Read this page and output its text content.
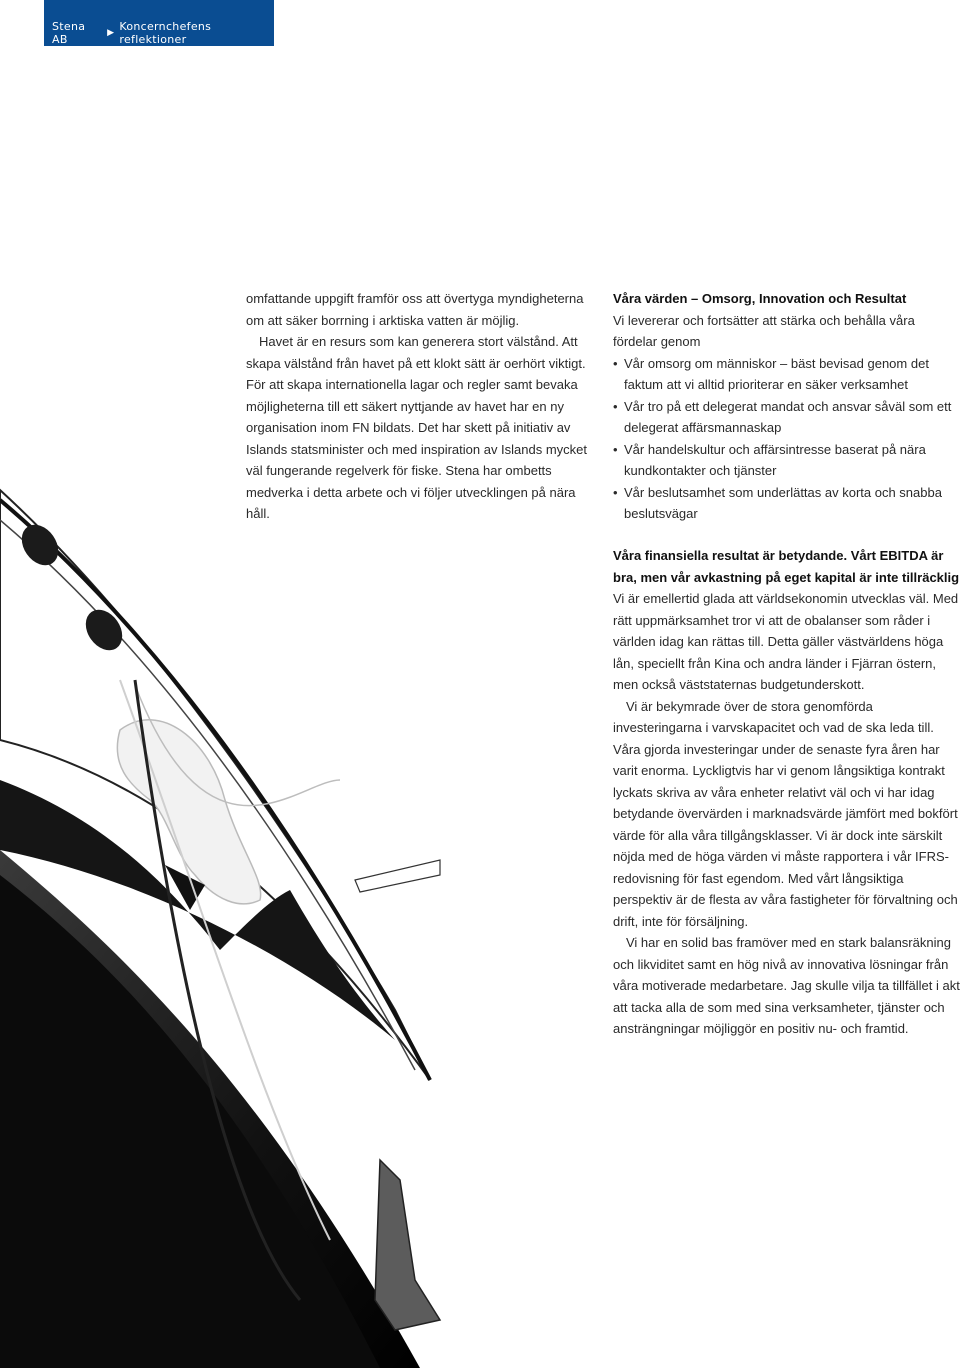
Stena AB	▶ Koncernchefens reflektioner

omfattande uppgift framför oss att övertyga myndigheterna om att säker borrning i arktiska vatten är möjlig.

Havet är en resurs som kan generera stort välstånd. Att skapa välstånd från havet på ett klokt sätt är oerhört viktigt. För att skapa internationella lagar och regler samt bevaka möjligheterna till ett säkert nyttjande av havet har en ny organisation inom FN bildats. Det har skett på initiativ av Islands statsminister och med inspiration av Islands mycket väl fungerande regelverk för fiske. Stena har ombetts medverka i detta arbete och vi följer utvecklingen på nära håll.

Våra värden – Omsorg, Innovation och Resultat

Vi levererar och fortsätter att stärka och behålla våra fördelar genom

• Vår omsorg om människor – bäst bevisad genom det faktum att vi alltid prioriterar en säker verksamhet
• Vår tro på ett delegerat mandat och ansvar såväl som ett delegerat affärsmannaskap
• Vår handelskultur och affärsintresse baserat på nära kundkontakter och tjänster
• Vår beslutsamhet som underlättas av korta och snabba beslutsvägar

Våra finansiella resultat är betydande. Vårt EBITDA är bra, men vår avkastning på eget kapital är inte tillräcklig

Vi är emellertid glada att världsekonomin utvecklas väl. Med rätt uppmärksamhet tror vi att de obalanser som råder i världen idag kan rättas till. Detta gäller västvärldens höga lån, speciellt från Kina och andra länder i Fjärran östern, men också väststaternas budgetunderskott.

Vi är bekymrade över de stora genomförda investeringarna i varvskapacitet och vad de ska leda till. Våra gjorda investeringar under de senaste fyra åren har varit enorma. Lyckligtvis har vi genom långsiktiga kontrakt lyckats skriva av våra enheter relativt väl och vi har idag betydande övervärden i marknadsvärde jämfört med bokfört värde för alla våra tillgångsklasser. Vi är dock inte särskilt nöjda med de höga värden vi måste rapportera i vår IFRS-redovisning för fast egendom. Med vårt långsiktiga perspektiv är de flesta av våra fastigheter för förvaltning och drift, inte för försäljning.

Vi har en solid bas framöver med en stark balansräkning och likviditet samt en hög nivå av innovativa lösningar från våra motiverade medarbetare. Jag skulle vilja ta tillfället i akt att tacka alla de som med sina verksamheter, tjänster och ansträngningar möjliggör en positiv nu- och framtid.
